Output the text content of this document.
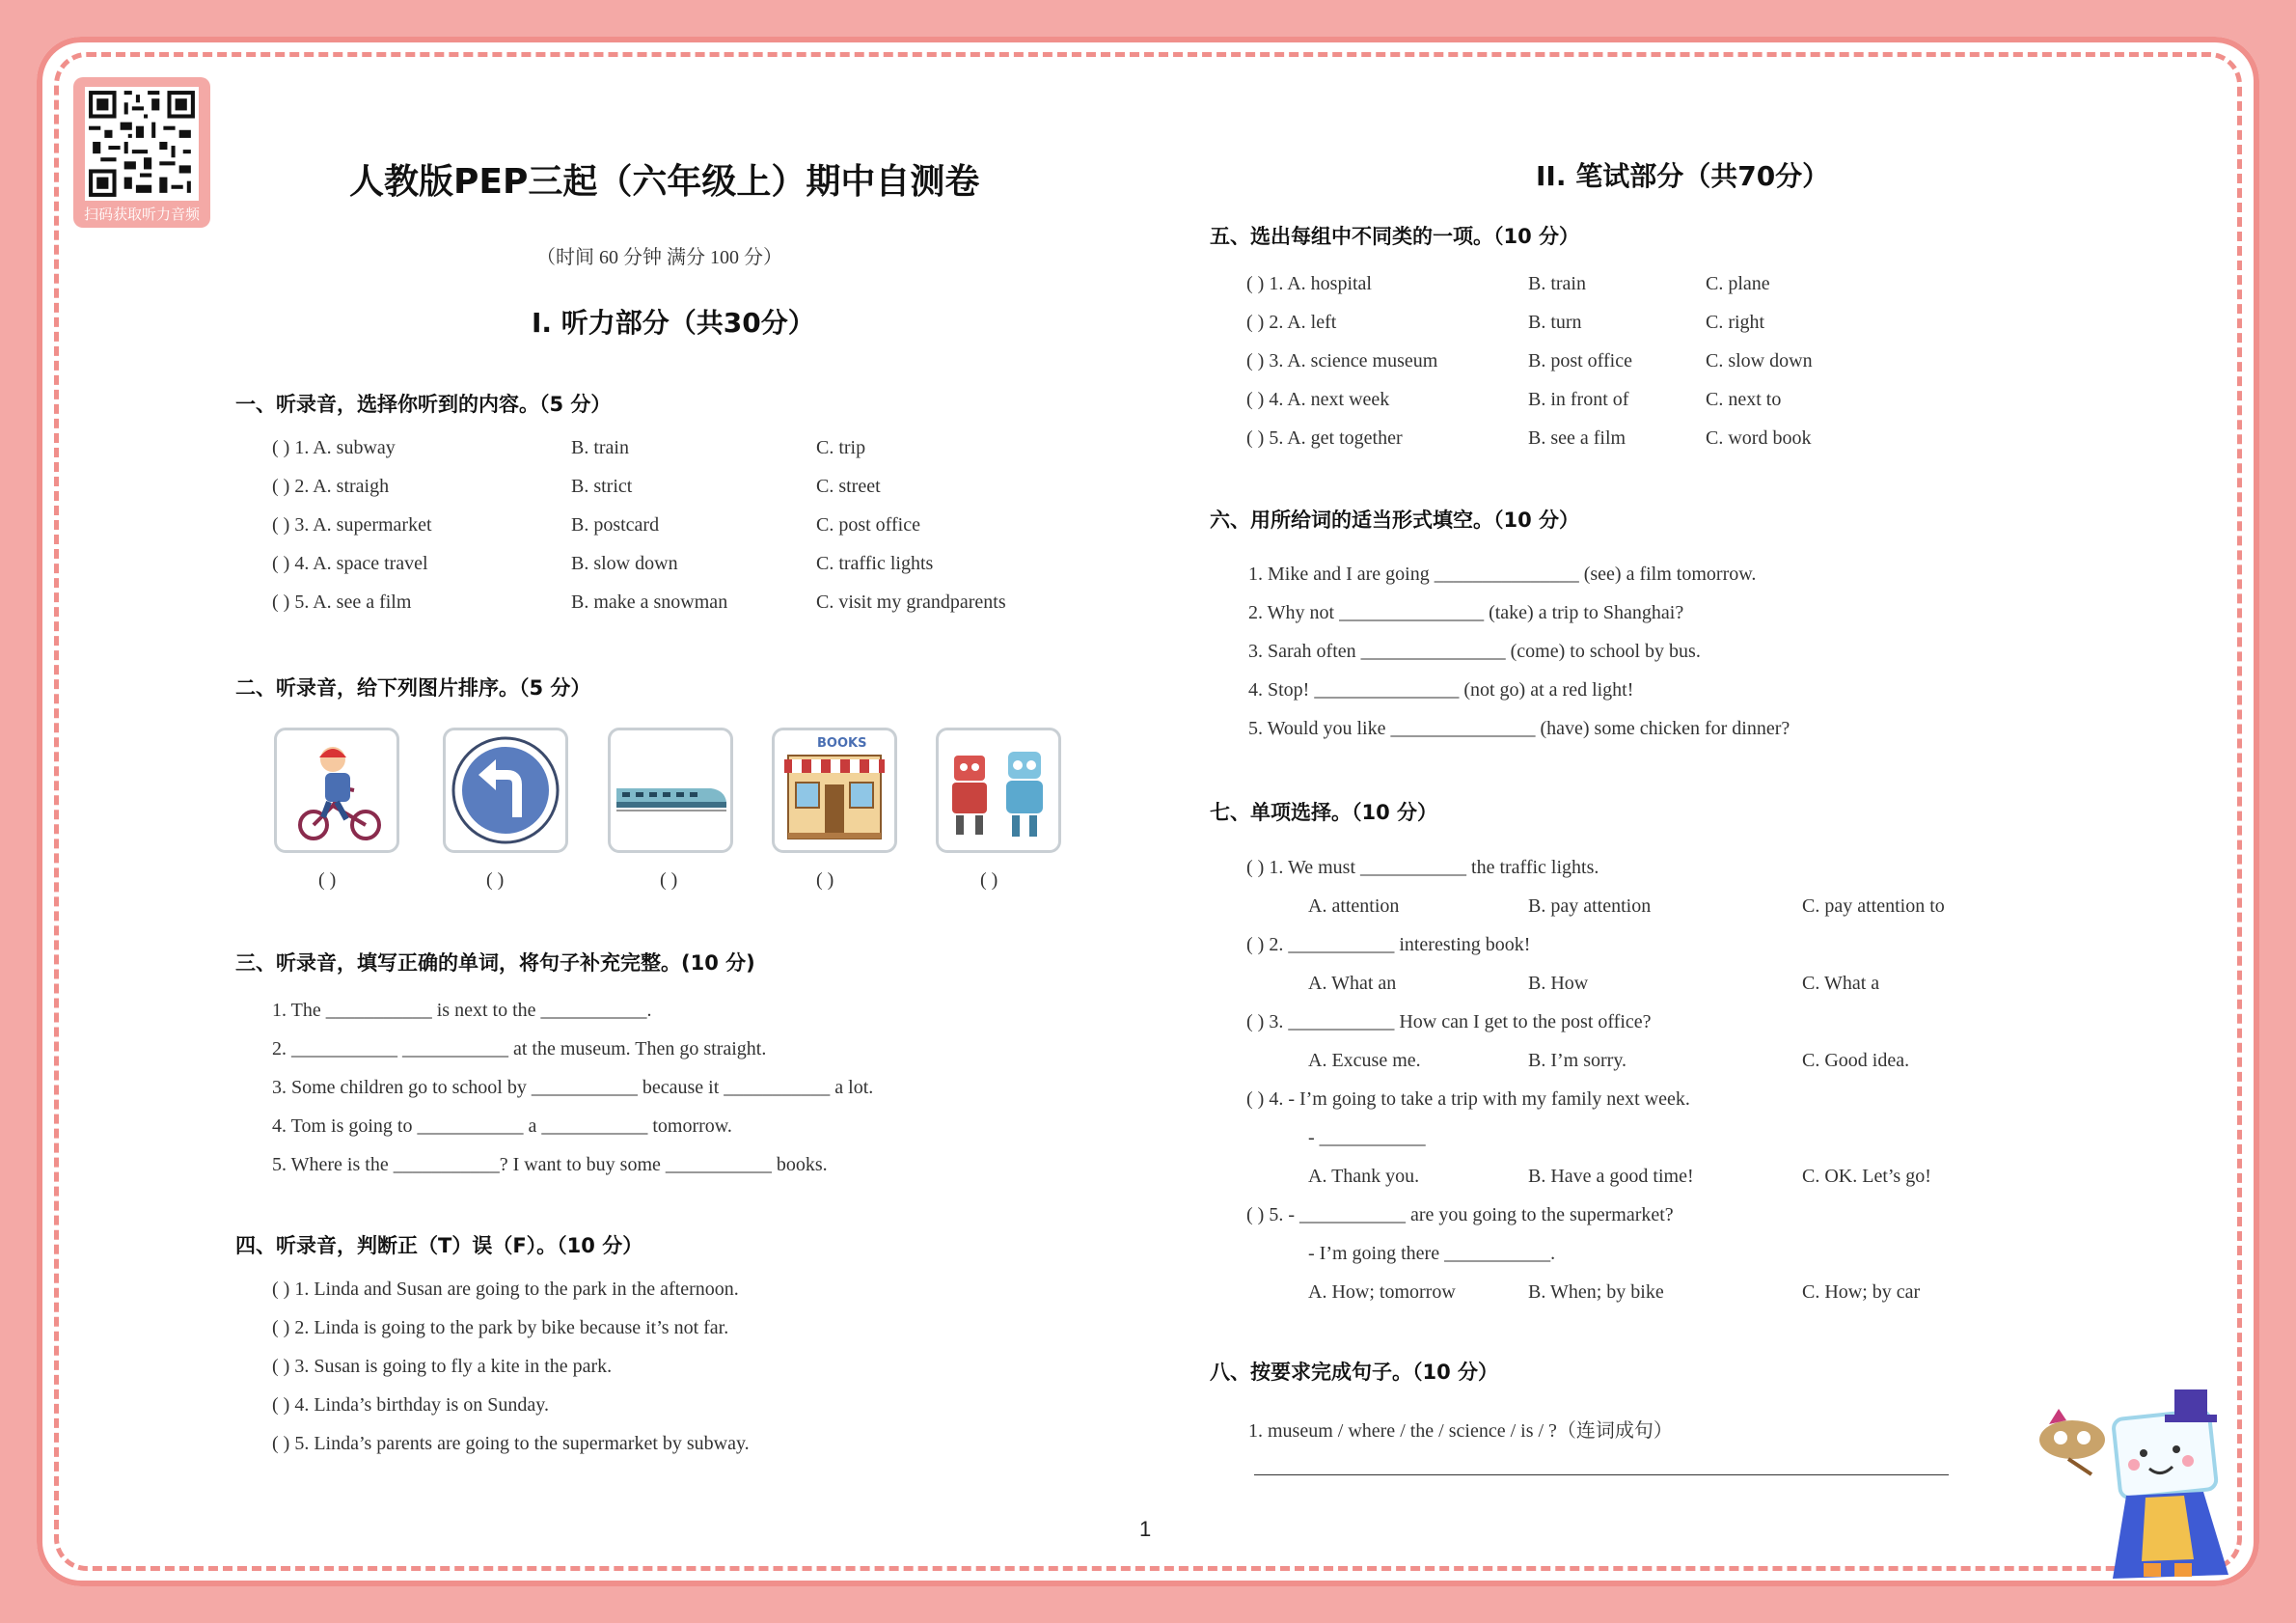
扫码获取听力音频
人教版PEP三起（六年级上）期中自测卷
（时间 60 分钟 满分 100 分）
I. 听力部分（共30分）
一、听录音，选择你听到的内容。（5 分）
( ) 1. A. subway	B. train	C. trip
( ) 2. A. straigh	B. strict	C. street
( ) 3. A. supermarket	B. postcard	C. post office
( ) 4. A. space travel	B. slow down	C. traffic lights
( ) 5. A. see a film	B. make a snowman	C. visit my grandparents
二、听录音，给下列图片排序。（5 分）
( )	( )	( )
BOOKS
( )	( )
三、听录音，填写正确的单词，将句子补充完整。(10 分)
1. The ___________ is next to the ___________.
2. ___________ ___________ at the museum. Then go straight.
3. Some children go to school by ___________ because it ___________ a lot.
4. Tom is going to ___________ a ___________ tomorrow.
5. Where is the ___________? I want to buy some ___________ books.
四、听录音，判断正（T）误（F）。（10 分）
( ) 1. Linda and Susan are going to the park in the afternoon.
( ) 2. Linda is going to the park by bike because it’s not far.
( ) 3. Susan is going to fly a kite in the park.
( ) 4. Linda’s birthday is on Sunday.
( ) 5. Linda’s parents are going to the supermarket by subway.
II. 笔试部分（共70分）
五、选出每组中不同类的一项。（10 分）
( ) 1. A. hospital	B. train	C. plane
( ) 2. A. left	B. turn	C. right
( ) 3. A. science museum	B. post office	C. slow down
( ) 4. A. next week	B. in front of	C. next to
( ) 5. A. get together	B. see a film	C. word book
六、用所给词的适当形式填空。（10 分）
1. Mike and I are going _______________ (see) a film tomorrow.
2. Why not _______________ (take) a trip to Shanghai?
3. Sarah often _______________ (come) to school by bus.
4. Stop! _______________ (not go) at a red light!
5. Would you like _______________ (have) some chicken for dinner?
七、单项选择。（10 分）
( ) 1. We must ___________ the traffic lights.
A. attention	B. pay attention	C. pay attention to
( ) 2. ___________ interesting book!
A. What an	B. How	C. What a
( ) 3. ___________ How can I get to the post office?
A. Excuse me.	B. I’m sorry.	C. Good idea.
( ) 4. - I’m going to take a trip with my family next week.
- ___________
A. Thank you.	B. Have a good time!	C. OK. Let’s go!
( ) 5. - ___________ are you going to the supermarket?
- I’m going there ___________.
A. How; tomorrow	B. When; by bike	C. How; by car
八、按要求完成句子。（10 分）
1. museum / where / the / science / is / ?（连词成句）
1
